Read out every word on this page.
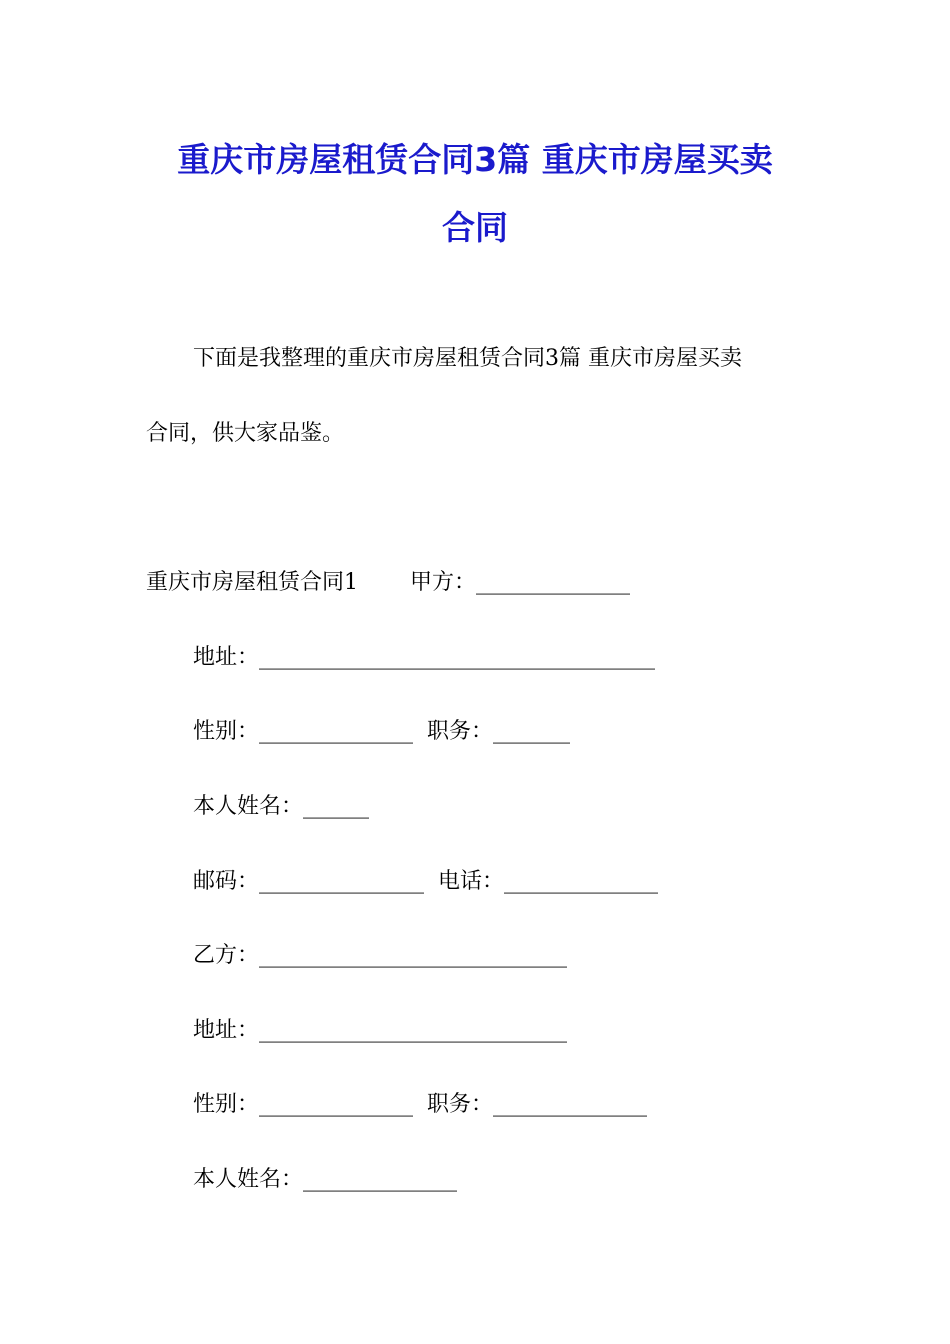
重庆市房屋租赁合同3篇 重庆市房屋买卖
合同

下面是我整理的重庆市房屋租赁合同3篇 重庆市房屋买卖

合同，供大家品鉴。

重庆市房屋租赁合同1 甲方：______________

地址：____________________________________

性别：______________ 职务：_______

本人姓名：______

邮码：_______________ 电话：______________

乙方：____________________________

地址：____________________________

性别：______________ 职务：______________

本人姓名：______________
